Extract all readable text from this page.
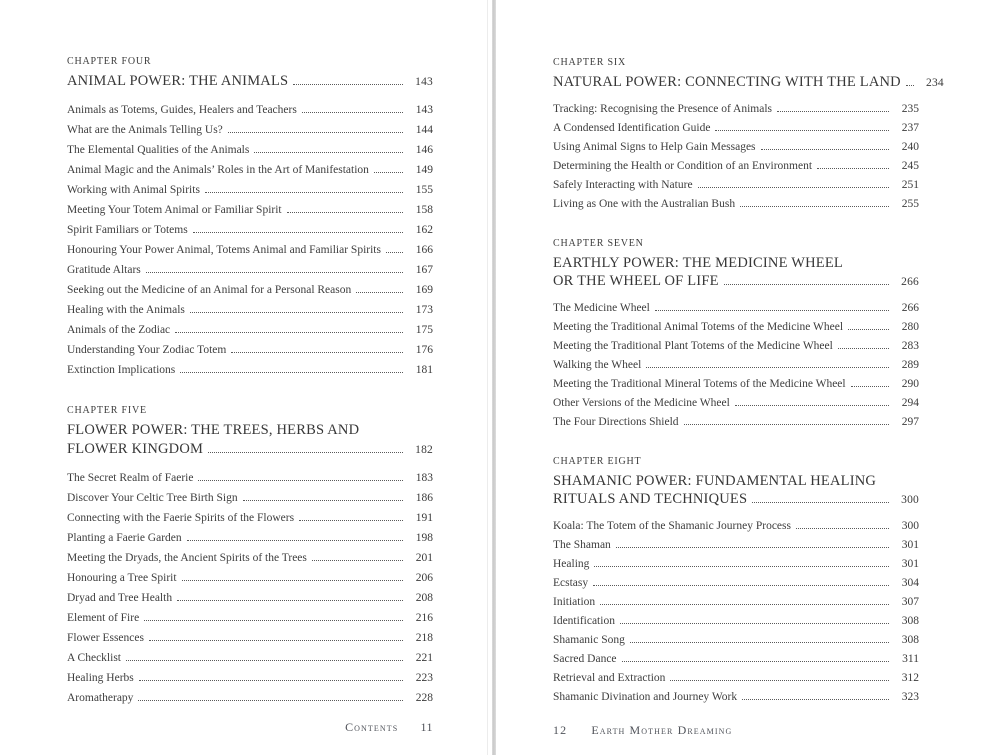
CHAPTER FOUR
ANIMAL POWER: THE ANIMALS	143
Animals as Totems, Guides, Healers and Teachers	143
What are the Animals Telling Us?	144
The Elemental Qualities of the Animals	146
Animal Magic and the Animals’ Roles in the Art of Manifestation	149
Working with Animal Spirits	155
Meeting Your Totem Animal or Familiar Spirit	158
Spirit Familiars or Totems	162
Honouring Your Power Animal, Totems Animal and Familiar Spirits	166
Gratitude Altars	167
Seeking out the Medicine of an Animal for a Personal Reason	169
Healing with the Animals	173
Animals of the Zodiac	175
Understanding Your Zodiac Totem	176
Extinction Implications	181
CHAPTER FIVE
FLOWER POWER: THE TREES, HERBS AND
FLOWER KINGDOM	182
The Secret Realm of Faerie	183
Discover Your Celtic Tree Birth Sign	186
Connecting with the Faerie Spirits of the Flowers	191
Planting a Faerie Garden	198
Meeting the Dryads, the Ancient Spirits of the Trees	201
Honouring a Tree Spirit	206
Dryad and Tree Health	208
Element of Fire	216
Flower Essences	218
A Checklist	221
Healing Herbs	223
Aromatherapy	228
CHAPTER SIX
NATURAL POWER: CONNECTING WITH THE LAND	234
Tracking: Recognising the Presence of Animals	235
A Condensed Identification Guide	237
Using Animal Signs to Help Gain Messages	240
Determining the Health or Condition of an Environment	245
Safely Interacting with Nature	251
Living as One with the Australian Bush	255
CHAPTER SEVEN
EARTHLY POWER: THE MEDICINE WHEEL
OR THE WHEEL OF LIFE	266
The Medicine Wheel	266
Meeting the Traditional Animal Totems of the Medicine Wheel	280
Meeting the Traditional Plant Totems of the Medicine Wheel	283
Walking the Wheel	289
Meeting the Traditional Mineral Totems of the Medicine Wheel	290
Other Versions of the Medicine Wheel	294
The Four Directions Shield	297
CHAPTER EIGHT
SHAMANIC POWER: FUNDAMENTAL HEALING
RITUALS AND TECHNIQUES	300
Koala: The Totem of the Shamanic Journey Process	300
The Shaman	301
Healing	301
Ecstasy	304
Initiation	307
Identification	308
Shamanic Song	308
Sacred Dance	311
Retrieval and Extraction	312
Shamanic Divination and Journey Work	323
Contents 11	12 Earth Mother Dreaming
